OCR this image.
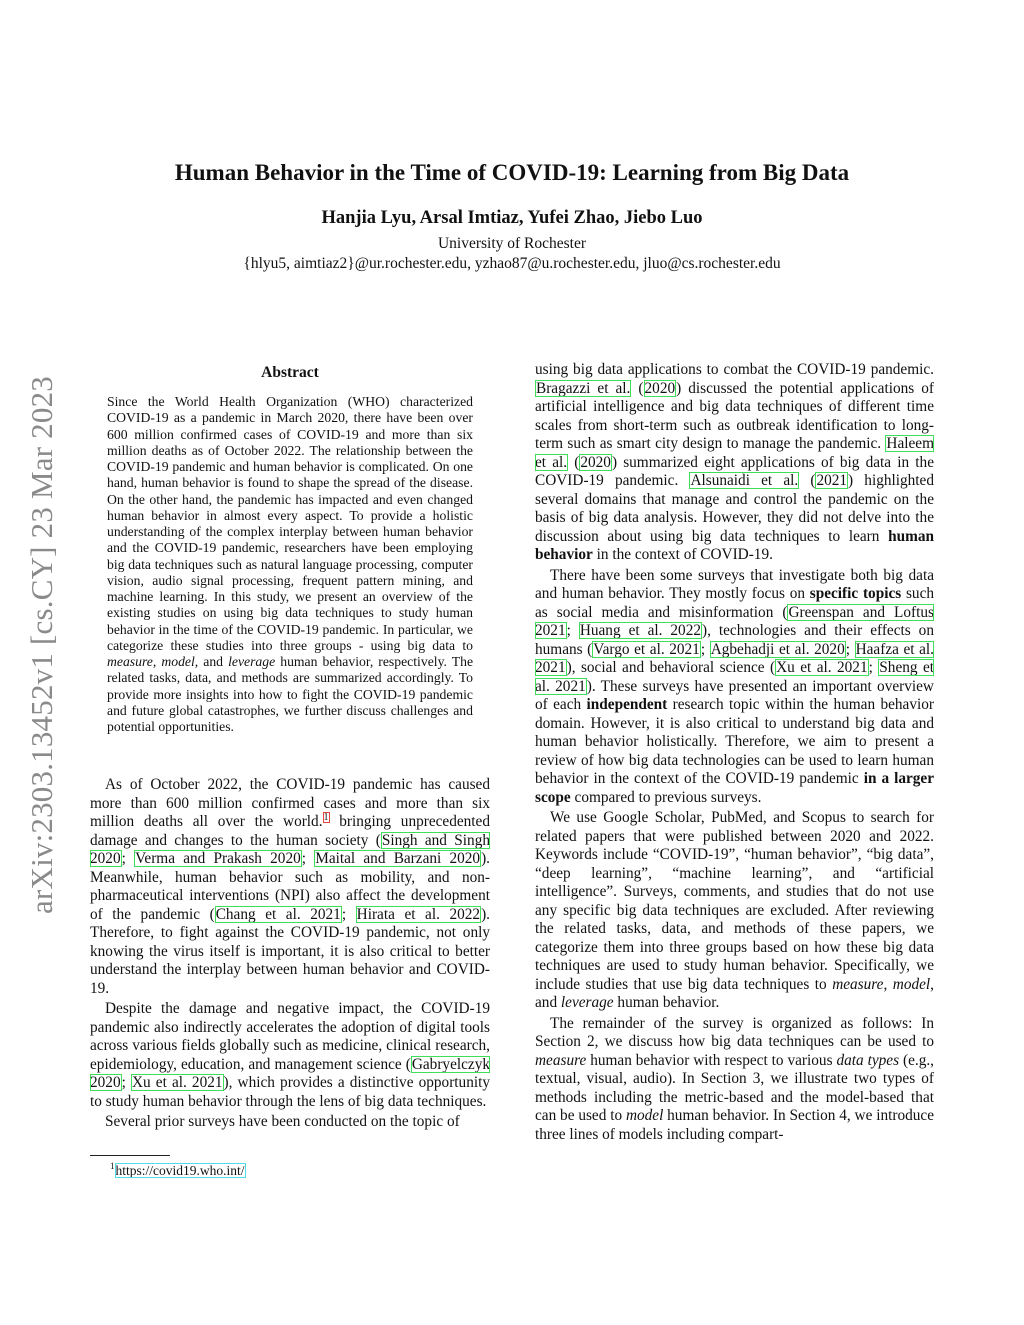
arXiv:2303.13452v1 [cs.CY] 23 Mar 2023
Human Behavior in the Time of COVID-19: Learning from Big Data
Hanjia Lyu, Arsal Imtiaz, Yufei Zhao, Jiebo Luo
University of Rochester
{hlyu5, aimtiaz2}@ur.rochester.edu, yzhao87@u.rochester.edu, jluo@cs.rochester.edu
Abstract
Since the World Health Organization (WHO) characterized COVID-19 as a pandemic in March 2020, there have been over 600 million confirmed cases of COVID-19 and more than six million deaths as of October 2022. The relationship between the COVID-19 pandemic and human behavior is complicated. On one hand, human behavior is found to shape the spread of the disease. On the other hand, the pandemic has impacted and even changed human behavior in almost every aspect. To provide a holistic understanding of the complex interplay between human behavior and the COVID-19 pandemic, researchers have been employing big data techniques such as natural language processing, computer vision, audio signal processing, frequent pattern mining, and machine learning. In this study, we present an overview of the existing studies on using big data techniques to study human behavior in the time of the COVID-19 pandemic. In particular, we categorize these studies into three groups - using big data to measure, model, and leverage human behavior, respectively. The related tasks, data, and methods are summarized accordingly. To provide more insights into how to fight the COVID-19 pandemic and future global catastrophes, we further discuss challenges and potential opportunities.

As of October 2022, the COVID-19 pandemic has caused more than 600 million confirmed cases and more than six million deaths all over the world.$^1$ bringing unprecedented damage and changes to the human society (Singh and Singh 2020; Verma and Prakash 2020; Maital and Barzani 2020). Meanwhile, human behavior such as mobility, and non-pharmaceutical interventions (NPI) also affect the development of the pandemic (Chang et al. 2021; Hirata et al. 2022). Therefore, to fight against the COVID-19 pandemic, not only knowing the virus itself is important, it is also critical to better understand the interplay between human behavior and COVID-19.

Despite the damage and negative impact, the COVID-19 pandemic also indirectly accelerates the adoption of digital tools across various fields globally such as medicine, clinical research, epidemiology, education, and management science (Gabryelczyk 2020; Xu et al. 2021), which provides a distinctive opportunity to study human behavior through the lens of big data techniques.

Several prior surveys have been conducted on the topic of

using big data applications to combat the COVID-19 pandemic. Bragazzi et al. (2020) discussed the potential applications of artificial intelligence and big data techniques of different time scales from short-term such as outbreak identification to long-term such as smart city design to manage the pandemic. Haleem et al. (2020) summarized eight applications of big data in the COVID-19 pandemic. Alsunaidi et al. (2021) highlighted several domains that manage and control the pandemic on the basis of big data analysis. However, they did not delve into the discussion about using big data techniques to learn human behavior in the context of COVID-19.

There have been some surveys that investigate both big data and human behavior. They mostly focus on specific topics such as social media and misinformation (Greenspan and Loftus 2021; Huang et al. 2022), technologies and their effects on humans (Vargo et al. 2021; Agbehadji et al. 2020; Haafza et al. 2021), social and behavioral science (Xu et al. 2021; Sheng et al. 2021). These surveys have presented an important overview of each independent research topic within the human behavior domain. However, it is also critical to understand big data and human behavior holistically. Therefore, we aim to present a review of how big data technologies can be used to learn human behavior in the context of the COVID-19 pandemic in a larger scope compared to previous surveys.

We use Google Scholar, PubMed, and Scopus to search for related papers that were published between 2020 and 2022. Keywords include “COVID-19”, “human behavior”, “big data”, “deep learning”, “machine learning”, and “artificial intelligence”. Surveys, comments, and studies that do not use any specific big data techniques are excluded. After reviewing the related tasks, data, and methods of these papers, we categorize them into three groups based on how these big data techniques are used to study human behavior. Specifically, we include studies that use big data techniques to measure, model, and leverage human behavior.

The remainder of the survey is organized as follows: In Section 2, we discuss how big data techniques can be used to measure human behavior with respect to various data types (e.g., textual, visual, audio). In Section 3, we illustrate two types of methods including the metric-based and the model-based that can be used to model human behavior. In Section 4, we introduce three lines of models including compart-

$^1$https://covid19.who.int/
